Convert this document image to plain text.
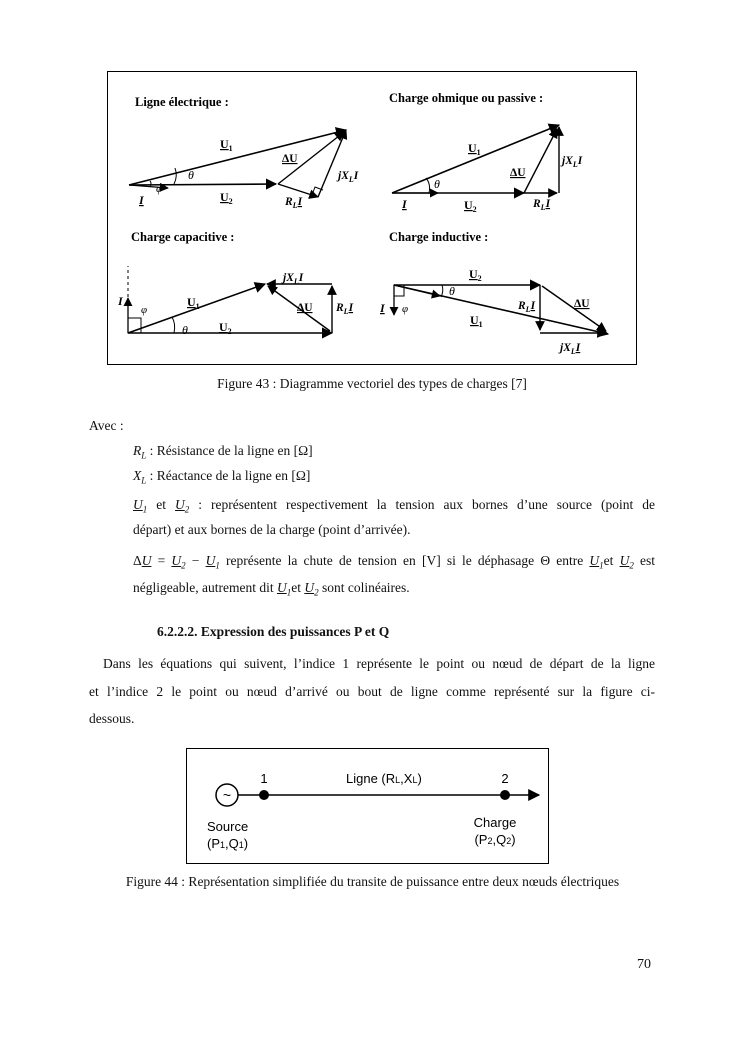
Ligne électrique :
$U_1$
θ
φ
I	$U_2$
ΔU
$jX_LI$
$R_LI$
Charge ohmique ou passive :
$U_1$
θ
I	$U_2$
ΔU
$jX_LI$
$R_LI$
Charge capacitive :
I
φ
$U_1$
θ	$U_2$
$jX_LI$
ΔU $R_LI$
Charge inductive :
$U_2$
θ
I φ
$U_1$
$R_LI$	ΔU
$jX_LI$
Figure 43 : Diagramme vectoriel des types de charges [7]
Avec :
$R_L$ : Résistance de la ligne en [Ω]
$X_L$ : Réactance de la ligne en [Ω]
$U_1$ et $U_2$ : représentent respectivement la tension aux bornes d’une source (point de
départ) et aux bornes de la charge (point d’arrivée).
$\Delta U = U_2 - U_1$ représente la chute de tension en [V] si le déphasage Θ entre $U_1et$ $U_2$ est
négligeable, autrement dit $U_1et$ $U_2$ sont colinéaires.
6.2.2.2. Expression des puissances P et Q
Dans les équations qui suivent, l’indice 1 représente le point ou nœud de départ de la ligne
et l’indice 2 le point ou nœud d’arrivé ou bout de ligne comme représenté sur la figure ci-
dessous.
~
1	2
Ligne (RL,XL)
Source
(P1,Q1)
Charge
(P2,Q2)
Figure 44 : Représentation simplifiée du transite de puissance entre deux nœuds électriques
70
